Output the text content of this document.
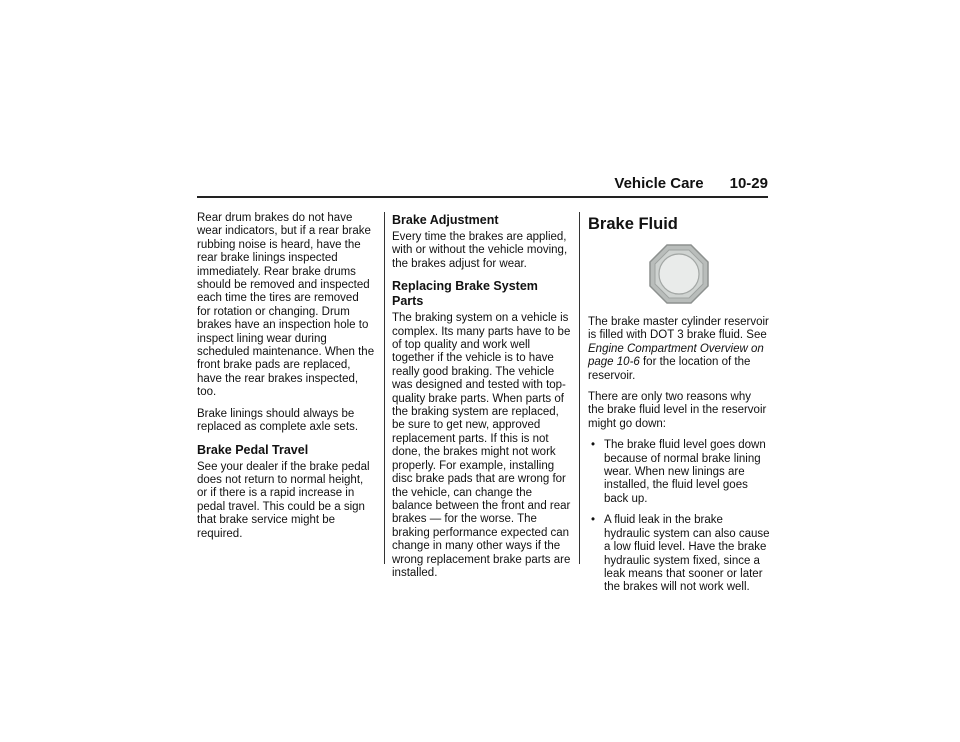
Vehicle Care 10-29

Rear drum brakes do not have wear indicators, but if a rear brake rubbing noise is heard, have the rear brake linings inspected immediately. Rear brake drums should be removed and inspected each time the tires are removed for rotation or changing. Drum brakes have an inspection hole to inspect lining wear during scheduled maintenance. When the front brake pads are replaced, have the rear brakes inspected, too.

Brake linings should always be replaced as complete axle sets.

Brake Pedal Travel

See your dealer if the brake pedal does not return to normal height, or if there is a rapid increase in pedal travel. This could be a sign that brake service might be required.

Brake Adjustment

Every time the brakes are applied, with or without the vehicle moving, the brakes adjust for wear.

Replacing Brake System Parts

The braking system on a vehicle is complex. Its many parts have to be of top quality and work well together if the vehicle is to have really good braking. The vehicle was designed and tested with top-quality brake parts. When parts of the braking system are replaced, be sure to get new, approved replacement parts. If this is not done, the brakes might not work properly. For example, installing disc brake pads that are wrong for the vehicle, can change the balance between the front and rear brakes — for the worse. The braking performance expected can change in many other ways if the wrong replacement brake parts are installed.

Brake Fluid

The brake master cylinder reservoir is filled with DOT 3 brake fluid. See Engine Compartment Overview on page 10-6 for the location of the reservoir.

There are only two reasons why the brake fluid level in the reservoir might go down:

• The brake fluid level goes down because of normal brake lining wear. When new linings are installed, the fluid level goes back up.
• A fluid leak in the brake hydraulic system can also cause a low fluid level. Have the brake hydraulic system fixed, since a leak means that sooner or later the brakes will not work well.
